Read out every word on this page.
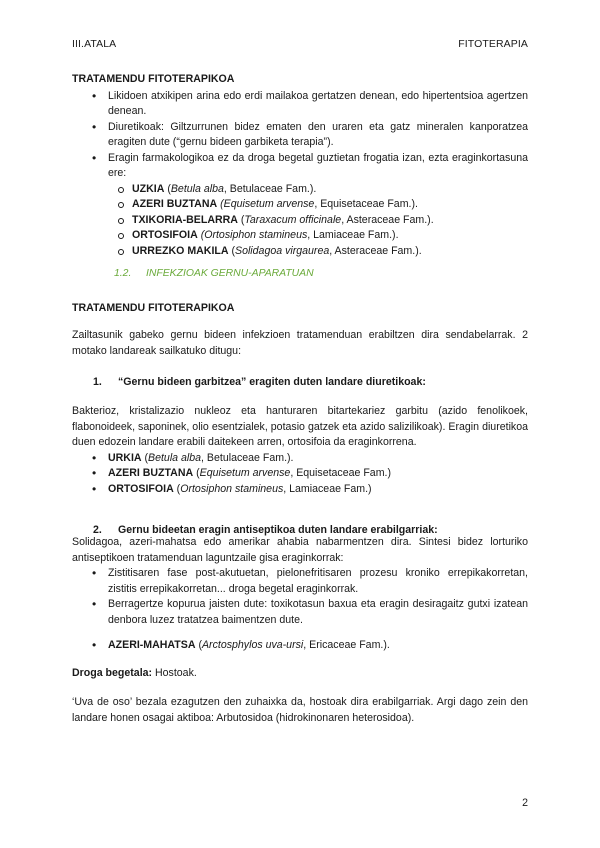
III.ATALA	FITOTERAPIA
TRATAMENDU FITOTERAPIKOA
• Likidoen atxikipen arina edo erdi mailakoa gertatzen denean, edo hipertentsioa agertzen denean.
• Diuretikoak: Giltzurrunen bidez ematen den uraren eta gatz mineralen kanporatzea eragiten dute (“gernu bideen garbiketa terapia”).
• Eragin farmakologikoa ez da droga begetal guztietan frogatia izan, ezta eraginkortasuna ere:
UZKIA (Betula alba, Betulaceae Fam.).
AZERI BUZTANA (Equisetum arvense, Equisetaceae Fam.).
TXIKORIA-BELARRA (Taraxacum officinale, Asteraceae Fam.).
ORTOSIFOIA (Ortosiphon stamineus, Lamiaceae Fam.).
URREZKO MAKILA (Solidagoa virgaurea, Asteraceae Fam.).
1.2. INFEKZIOAK GERNU-APARATUAN
TRATAMENDU FITOTERAPIKOA
Zailtasunik gabeko gernu bideen infekzioen tratamenduan erabiltzen dira sendabelarrak. 2 motako landareak sailkatuko ditugu:
1. “Gernu bideen garbitzea” eragiten duten landare diuretikoak:
Bakterioz, kristalizazio nukleoz eta hanturaren bitartekariez garbitu (azido fenolikoek, flabonoideek, saponinek, olio esentzialek, potasio gatzek eta azido salizilikoak). Eragin diuretikoa duen edozein landare erabili daitekeen arren, ortosifoia da eraginkorrena.
• URKIA (Betula alba, Betulaceae Fam.).
• AZERI BUZTANA (Equisetum arvense, Equisetaceae Fam.)
• ORTOSIFOIA (Ortosiphon stamineus, Lamiaceae Fam.)
2. Gernu bideetan eragin antiseptikoa duten landare erabilgarriak:
Solidagoa, azeri-mahatsa edo amerikar ahabia nabarmentzen dira. Sintesi bidez lorturiko antiseptikoen tratamenduan laguntzaile gisa eraginkorrak:
• Zistitisaren fase post-akutuetan, pielonefritisaren prozesu kroniko errepikakorretan, zistitis errepikakorretan... droga begetal eraginkorrak.
• Berragertze kopurua jaisten dute: toxikotasun baxua eta eragin desiragaitz gutxi izatean denbora luzez tratatzea baimentzen dute.
• AZERI-MAHATSA (Arctosphylos uva-ursi, Ericaceae Fam.).
Droga begetala: Hostoak.
‘Uva de oso’ bezala ezagutzen den zuhaixka da, hostoak dira erabilgarriak. Argi dago zein den landare honen osagai aktiboa: Arbutosidoa (hidrokinonaren heterosidoa).
2
